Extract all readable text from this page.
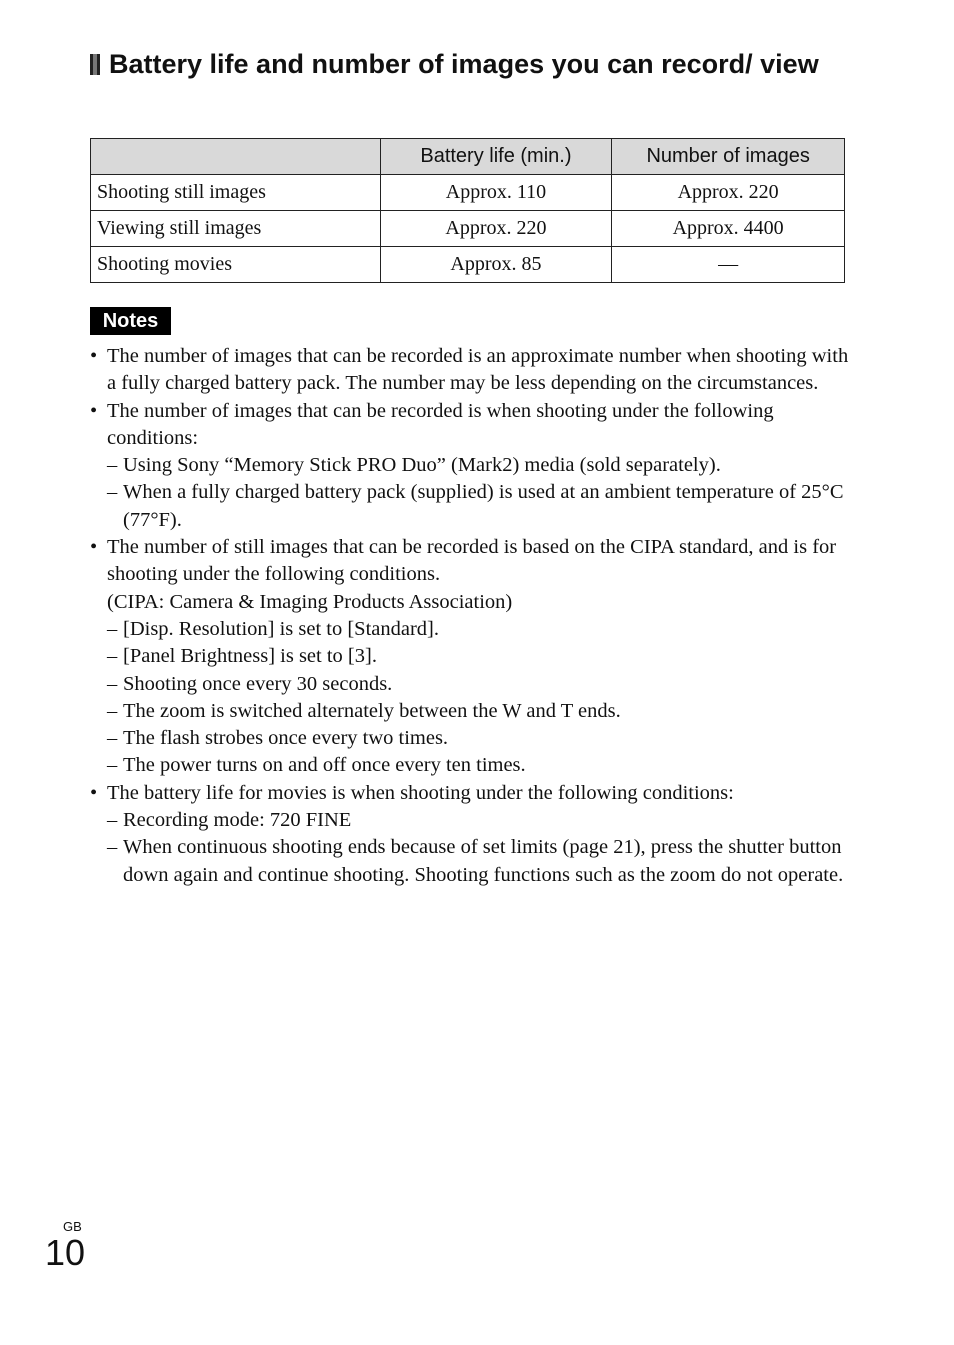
Battery life and number of images you can record/ view
	Battery life (min.)	Number of images
Shooting still images	Approx. 110	Approx. 220
Viewing still images	Approx. 220	Approx. 4400
Shooting movies	Approx. 85	—
Notes
• The number of images that can be recorded is an approximate number when shooting with a fully charged battery pack. The number may be less depending on the circumstances.
• The number of images that can be recorded is when shooting under the following conditions:
– Using Sony “Memory Stick PRO Duo” (Mark2) media (sold separately).
– When a fully charged battery pack (supplied) is used at an ambient temperature of 25°C (77°F).
• The number of still images that can be recorded is based on the CIPA standard, and is for shooting under the following conditions.
(CIPA: Camera & Imaging Products Association)
– [Disp. Resolution] is set to [Standard].
– [Panel Brightness] is set to [3].
– Shooting once every 30 seconds.
– The zoom is switched alternately between the W and T ends.
– The flash strobes once every two times.
– The power turns on and off once every ten times.
• The battery life for movies is when shooting under the following conditions:
– Recording mode: 720 FINE
– When continuous shooting ends because of set limits (page 21), press the shutter button down again and continue shooting. Shooting functions such as the zoom do not operate.
GB
10
